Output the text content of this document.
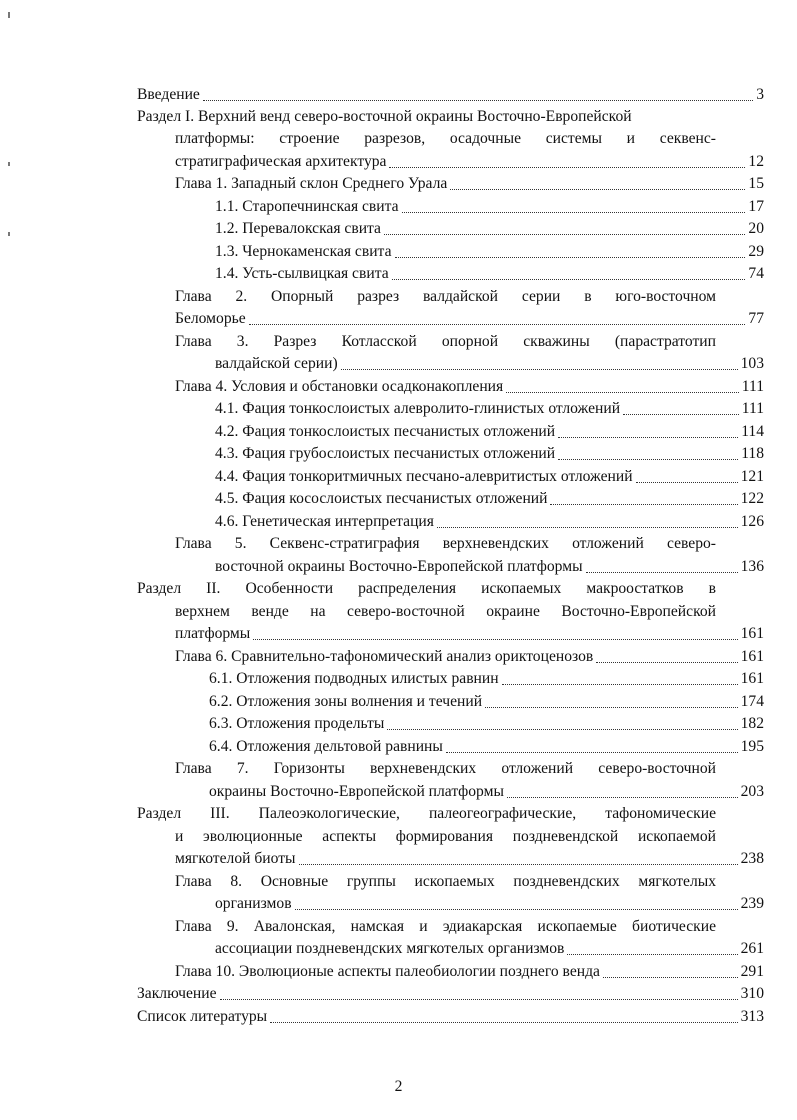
Введение	3
Раздел I. Верхний венд северо-восточной окраины Восточно-Европейской
платформы: строение разрезов, осадочные системы и секвенс-
стратиграфическая архитектура	12
Глава 1. Западный склон Среднего Урала	15
1.1. Старопечнинская свита	17
1.2. Перевалокская свита	20
1.3. Чернокаменская свита	29
1.4. Усть-сылвицкая свита	74
Глава 2. Опорный разрез валдайской серии в юго-восточном
Беломорье	77
Глава 3. Разрез Котласской опорной скважины (парастратотип
валдайской серии)	103
Глава 4. Условия и обстановки осадконакопления	111
4.1. Фация тонкослоистых алевролито-глинистых отложений	111
4.2. Фация тонкослоистых песчанистых отложений	114
4.3. Фация грубослоистых песчанистых отложений	118
4.4. Фация тонкоритмичных песчано-алевритистых отложений	121
4.5. Фация косослоистых песчанистых отложений	122
4.6. Генетическая интерпретация	126
Глава 5. Секвенс-стратиграфия верхневендских отложений северо-
восточной окраины Восточно-Европейской платформы	136
Раздел II. Особенности распределения ископаемых макроостатков в
верхнем венде на северо-восточной окраине Восточно-Европейской
платформы	161
Глава 6. Сравнительно-тафономический анализ ориктоценозов	161
6.1. Отложения подводных илистых равнин	161
6.2. Отложения зоны волнения и течений	174
6.3. Отложения продельты	182
6.4. Отложения дельтовой равнины	195
Глава 7. Горизонты верхневендских отложений северо-восточной
окраины Восточно-Европейской платформы	203
Раздел III. Палеоэкологические, палеогеографические, тафономические
и эволюционные аспекты формирования поздневендской ископаемой
мягкотелой биоты	238
Глава 8. Основные группы ископаемых поздневендских мягкотелых
организмов	239
Глава 9. Авалонская, намская и эдиакарская ископаемые биотические
ассоциации поздневендских мягкотелых организмов	261
Глава 10. Эволюционые аспекты палеобиологии позднего венда	291
Заключение	310
Список литературы	313
2
